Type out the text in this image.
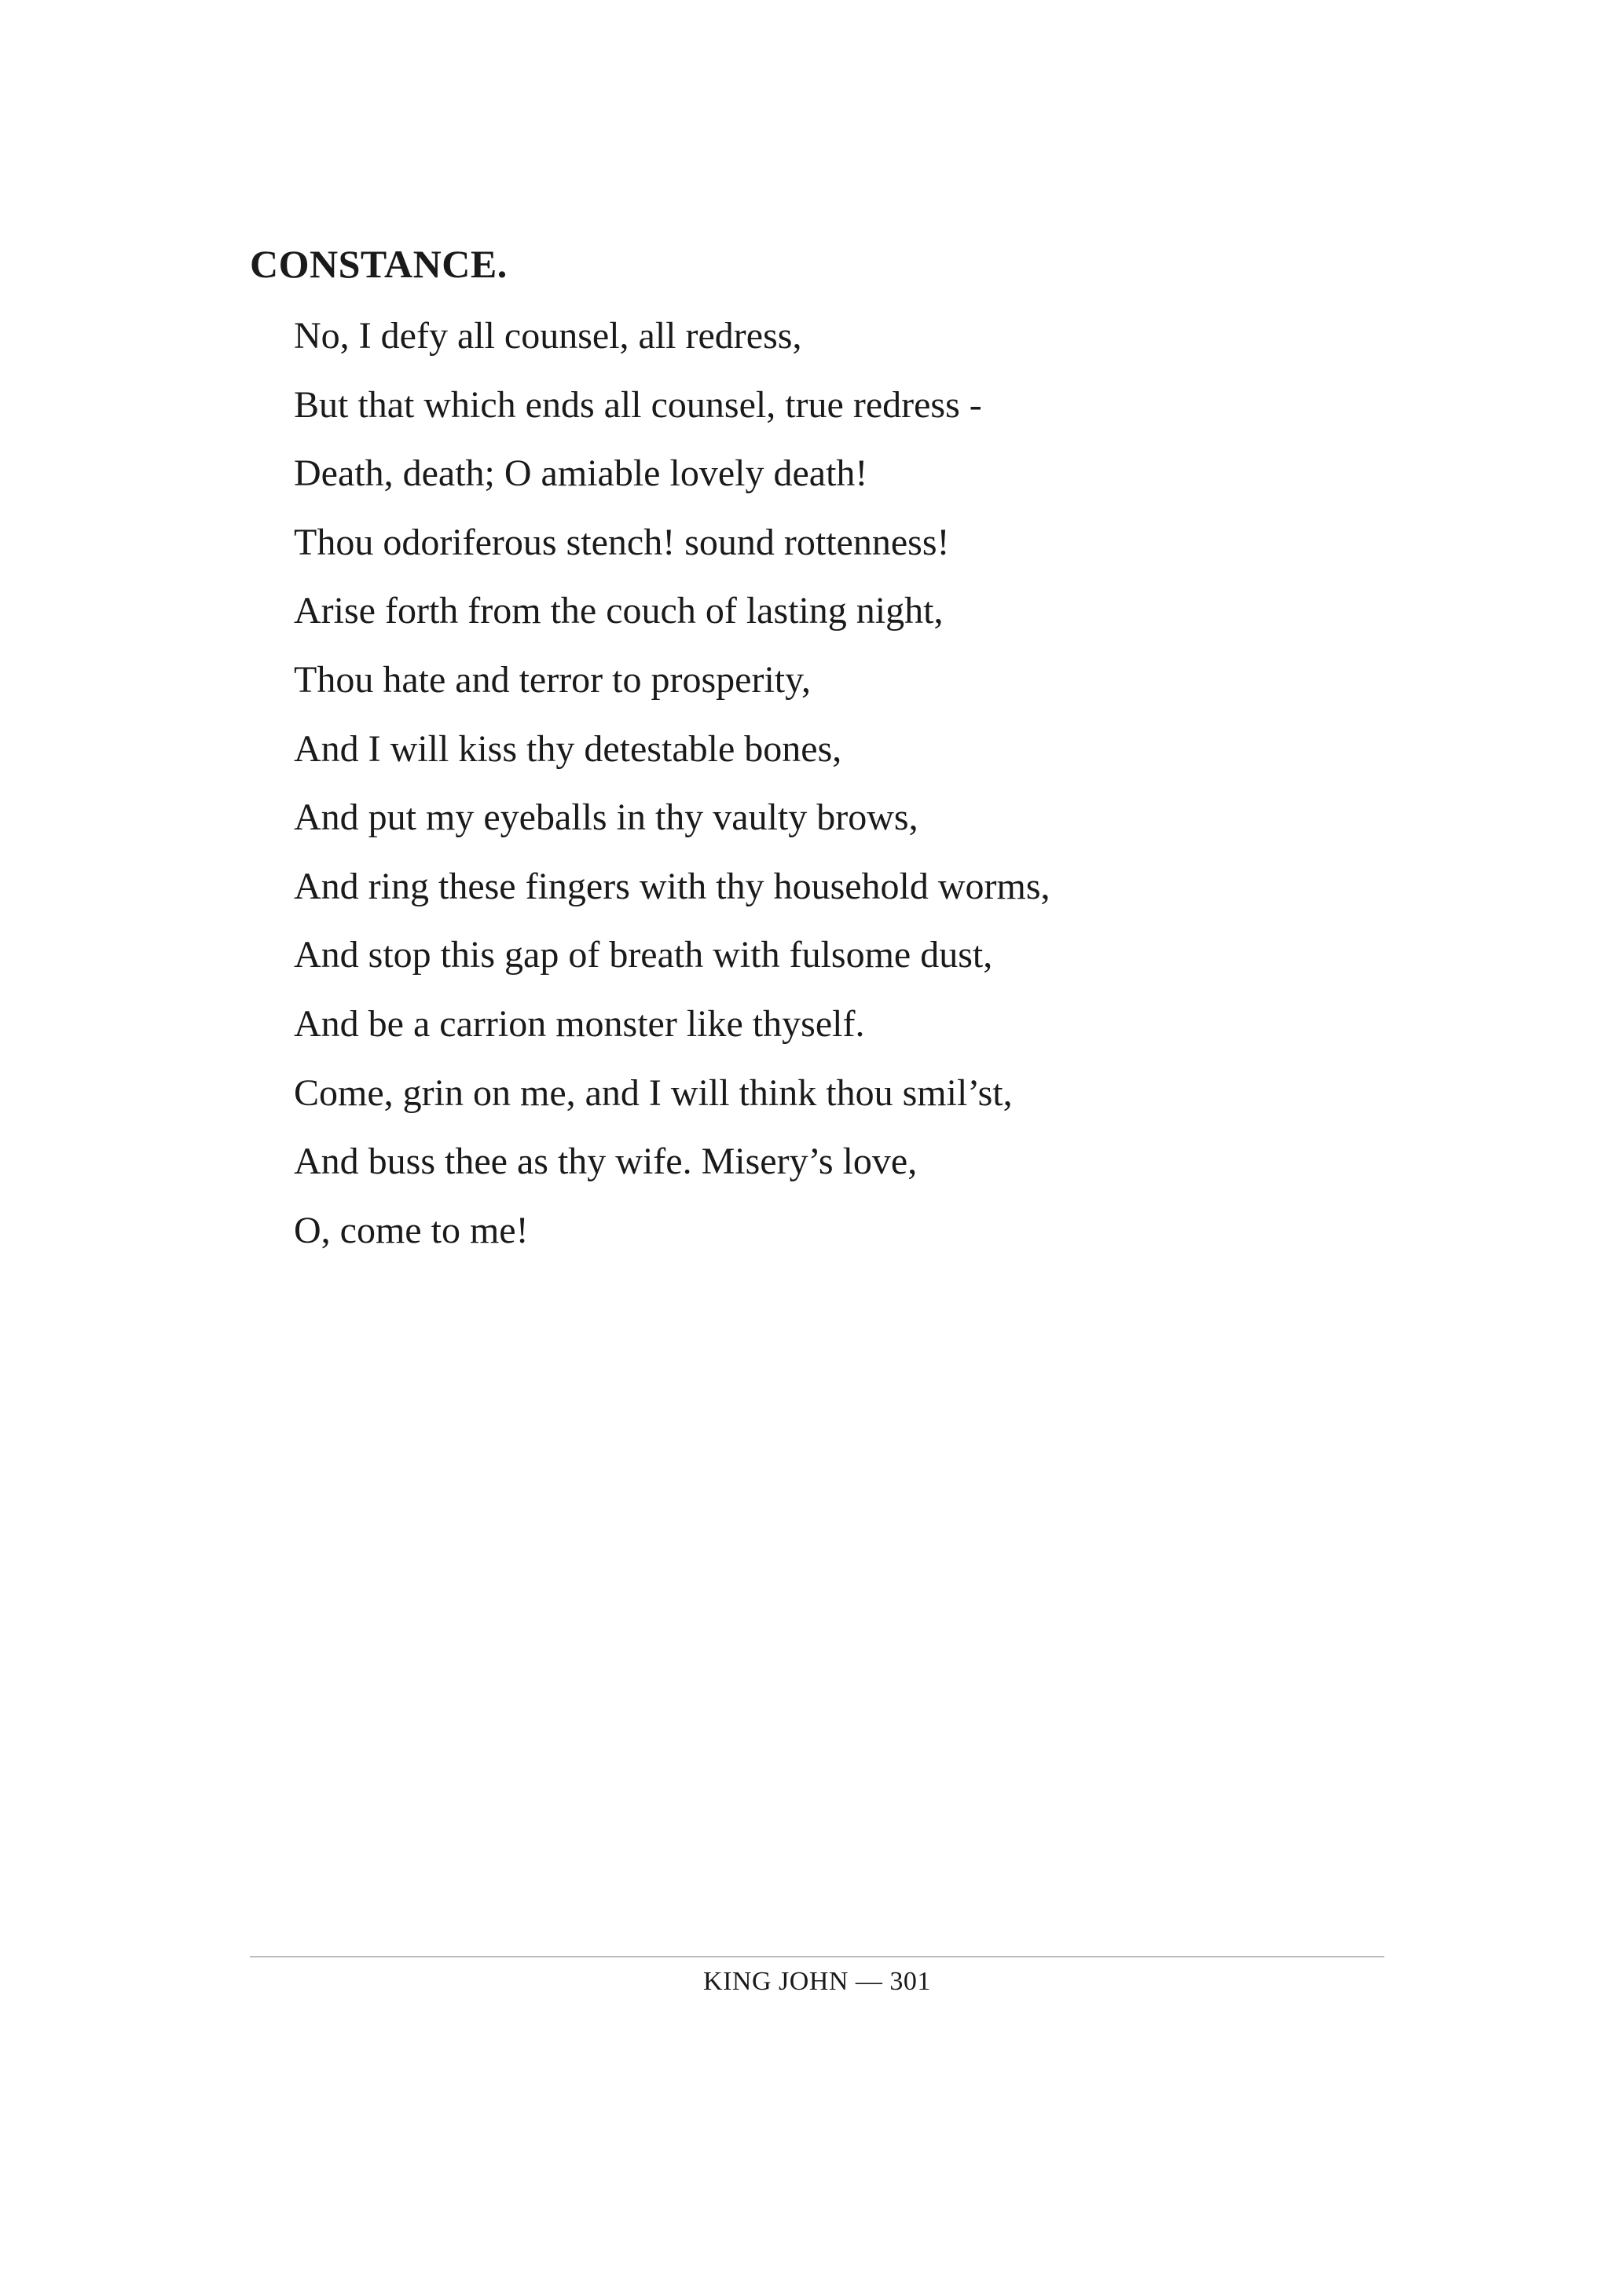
CONSTANCE.
No, I defy all counsel, all redress,
But that which ends all counsel, true redress -
Death, death; O amiable lovely death!
Thou odoriferous stench! sound rottenness!
Arise forth from the couch of lasting night,
Thou hate and terror to prosperity,
And I will kiss thy detestable bones,
And put my eyeballs in thy vaulty brows,
And ring these fingers with thy household worms,
And stop this gap of breath with fulsome dust,
And be a carrion monster like thyself.
Come, grin on me, and I will think thou smil’st,
And buss thee as thy wife. Misery’s love,
O, come to me!
KING JOHN — 301
